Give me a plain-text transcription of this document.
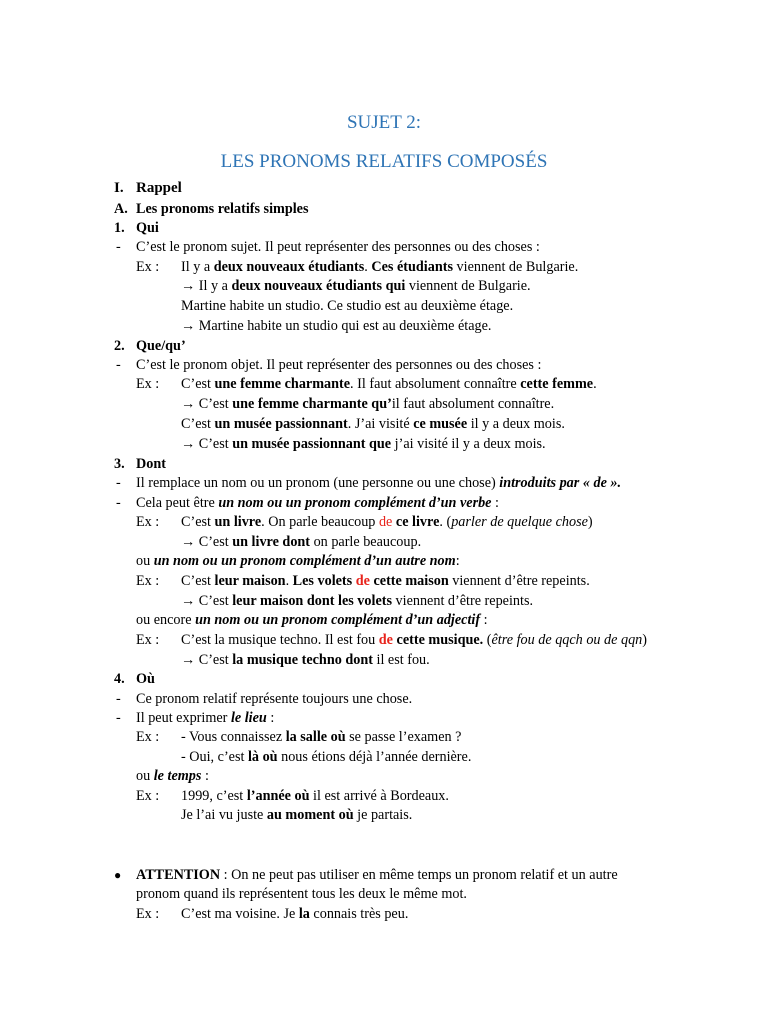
SUJET 2:
LES PRONOMS RELATIFS COMPOSÉS
I. Rappel
A. Les pronoms relatifs simples
1. Qui
- C’est le pronom sujet. Il peut représenter des personnes ou des choses :
Ex : Il y a deux nouveaux étudiants. Ces étudiants viennent de Bulgarie.
→ Il y a deux nouveaux étudiants qui viennent de Bulgarie.
Martine habite un studio. Ce studio est au deuxième étage.
→ Martine habite un studio qui est au deuxième étage.
2. Que/qu’
- C’est le pronom objet. Il peut représenter des personnes ou des choses :
Ex : C’est une femme charmante. Il faut absolument connaître cette femme.
→ C’est une femme charmante qu’il faut absolument connaître.
C’est un musée passionnant. J’ai visité ce musée il y a deux mois.
→ C’est un musée passionnant que j’ai visité il y a deux mois.
3. Dont
- Il remplace un nom ou un pronom (une personne ou une chose) introduits par « de ».
- Cela peut être un nom ou un pronom complément d’un verbe :
Ex : C’est un livre. On parle beaucoup de ce livre. (parler de quelque chose)
→ C’est un livre dont on parle beaucoup.
ou un nom ou un pronom complément d’un autre nom:
Ex : C’est leur maison. Les volets de cette maison viennent d’être repeints.
→ C’est leur maison dont les volets viennent d’être repeints.
ou encore un nom ou un pronom complément d’un adjectif :
Ex : C’est la musique techno. Il est fou de cette musique. (être fou de qqch ou de qqn)
→ C’est la musique techno dont il est fou.
4. Où
- Ce pronom relatif représente toujours une chose.
- Il peut exprimer le lieu :
Ex : - Vous connaissez la salle où se passe l’examen ?
- Oui, c’est là où nous étions déjà l’année dernière.
ou le temps :
Ex : 1999, c’est l’année où il est arrivé à Bordeaux.
Je l’ai vu juste au moment où je partais.
● ATTENTION : On ne peut pas utiliser en même temps un pronom relatif et un autre
pronom quand ils représentent tous les deux le même mot.
Ex : C’est ma voisine. Je la connais très peu.
